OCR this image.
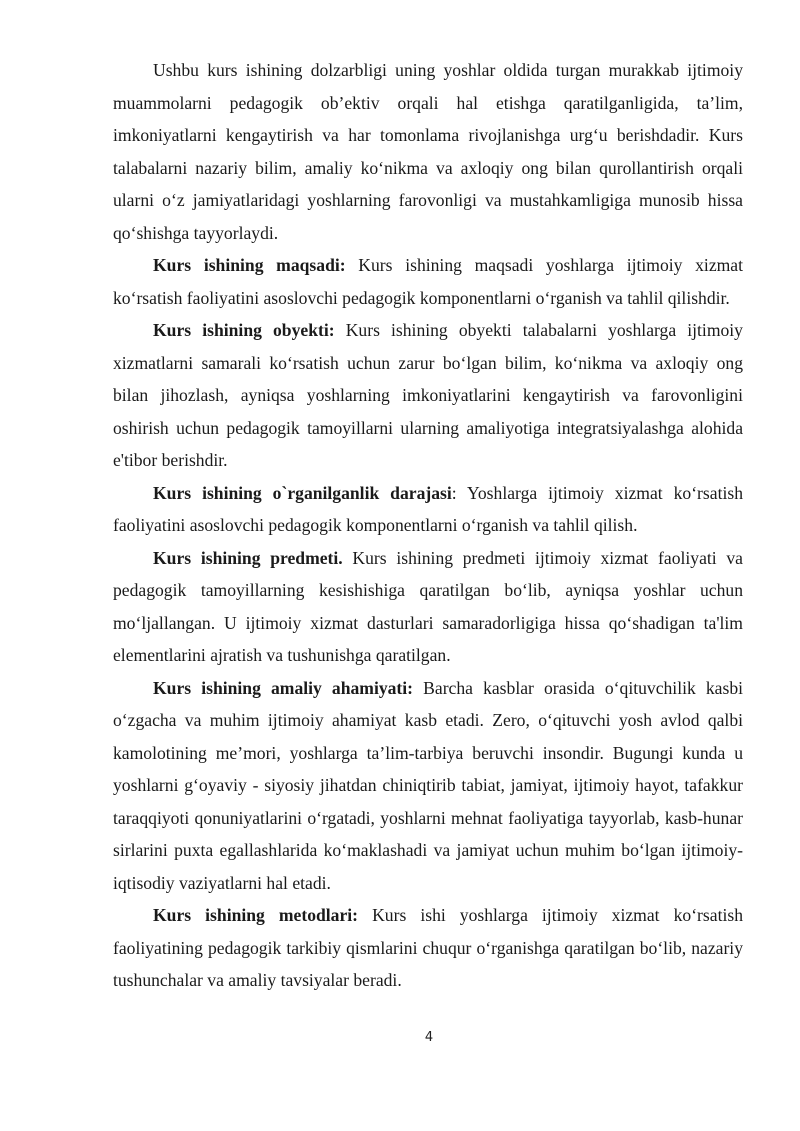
Ushbu kurs ishining dolzarbligi uning yoshlar oldida turgan murakkab ijtimoiy muammolarni pedagogik ob’ektiv orqali hal etishga qaratilganligida, ta’lim, imkoniyatlarni kengaytirish va har tomonlama rivojlanishga urg‘u berishdadir. Kurs talabalarni nazariy bilim, amaliy ko‘nikma va axloqiy ong bilan qurollantirish orqali ularni o‘z jamiyatlaridagi yoshlarning farovonligi va mustahkamligiga munosib hissa qo‘shishga tayyorlaydi.

Kurs ishining maqsadi: Kurs ishining maqsadi yoshlarga ijtimoiy xizmat ko‘rsatish faoliyatini asoslovchi pedagogik komponentlarni o‘rganish va tahlil qilishdir.

Kurs ishining obyekti: Kurs ishining obyekti talabalarni yoshlarga ijtimoiy xizmatlarni samarali ko‘rsatish uchun zarur bo‘lgan bilim, ko‘nikma va axloqiy ong bilan jihozlash, ayniqsa yoshlarning imkoniyatlarini kengaytirish va farovonligini oshirish uchun pedagogik tamoyillarni ularning amaliyotiga integratsiyalashga alohida e'tibor berishdir.

Kurs ishining o`rganilganlik darajasi: Yoshlarga ijtimoiy xizmat ko‘rsatish faoliyatini asoslovchi pedagogik komponentlarni o‘rganish va tahlil qilish.

Kurs ishining predmeti. Kurs ishining predmeti ijtimoiy xizmat faoliyati va pedagogik tamoyillarning kesishishiga qaratilgan bo‘lib, ayniqsa yoshlar uchun mo‘ljallangan. U ijtimoiy xizmat dasturlari samaradorligiga hissa qo‘shadigan ta'lim elementlarini ajratish va tushunishga qaratilgan.

Kurs ishining amaliy ahamiyati: Barcha kasblar orasida o‘qituvchilik kasbi o‘zgacha va muhim ijtimoiy ahamiyat kasb etadi. Zero, o‘qituvchi yosh avlod qalbi kamolotining me’mori, yoshlarga ta’lim-tarbiya beruvchi insondir. Bugungi kunda u yoshlarni g‘oyaviy - siyosiy jihatdan chiniqtirib tabiat, jamiyat, ijtimoiy hayot, tafakkur taraqqiyoti qonuniyatlarini o‘rgatadi, yoshlarni mehnat faoliyatiga tayyorlab, kasb-hunar sirlarini puxta egallashlarida ko‘maklashadi va jamiyat uchun muhim bo‘lgan ijtimoiy-iqtisodiy vaziyatlarni hal etadi.

Kurs ishining metodlari: Kurs ishi yoshlarga ijtimoiy xizmat ko‘rsatish faoliyatining pedagogik tarkibiy qismlarini chuqur o‘rganishga qaratilgan bo‘lib, nazariy tushunchalar va amaliy tavsiyalar beradi.

4
